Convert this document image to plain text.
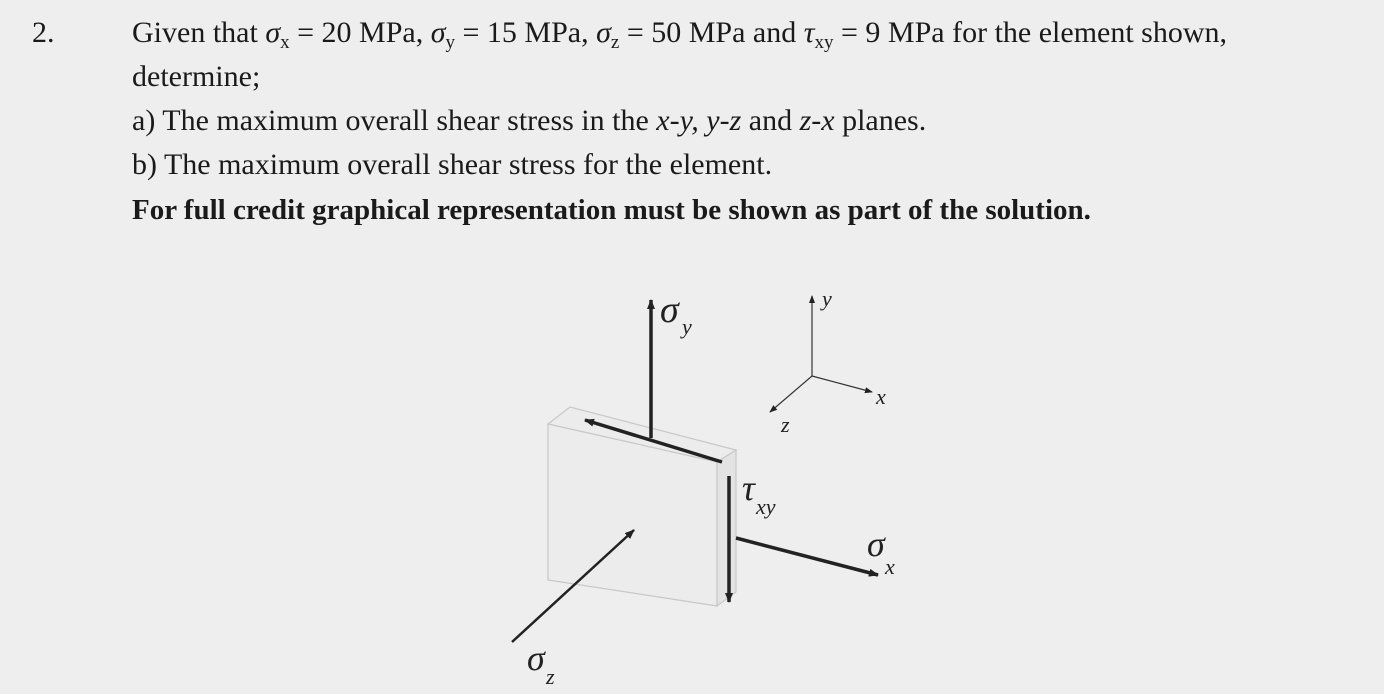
2.	Given that $\sigma_x = 20$ MPa, $\sigma_y = 15$ MPa, $\sigma_z = 50$ MPa and $\tau_{xy} = 9$ MPa for the element shown,
determine;
a) The maximum overall shear stress in the x-y, y-z and z-x planes.
b) The maximum overall shear stress for the element.
For full credit graphical representation must be shown as part of the solution.
σ y
y
x
z
τ xy
σ
x
σ z
